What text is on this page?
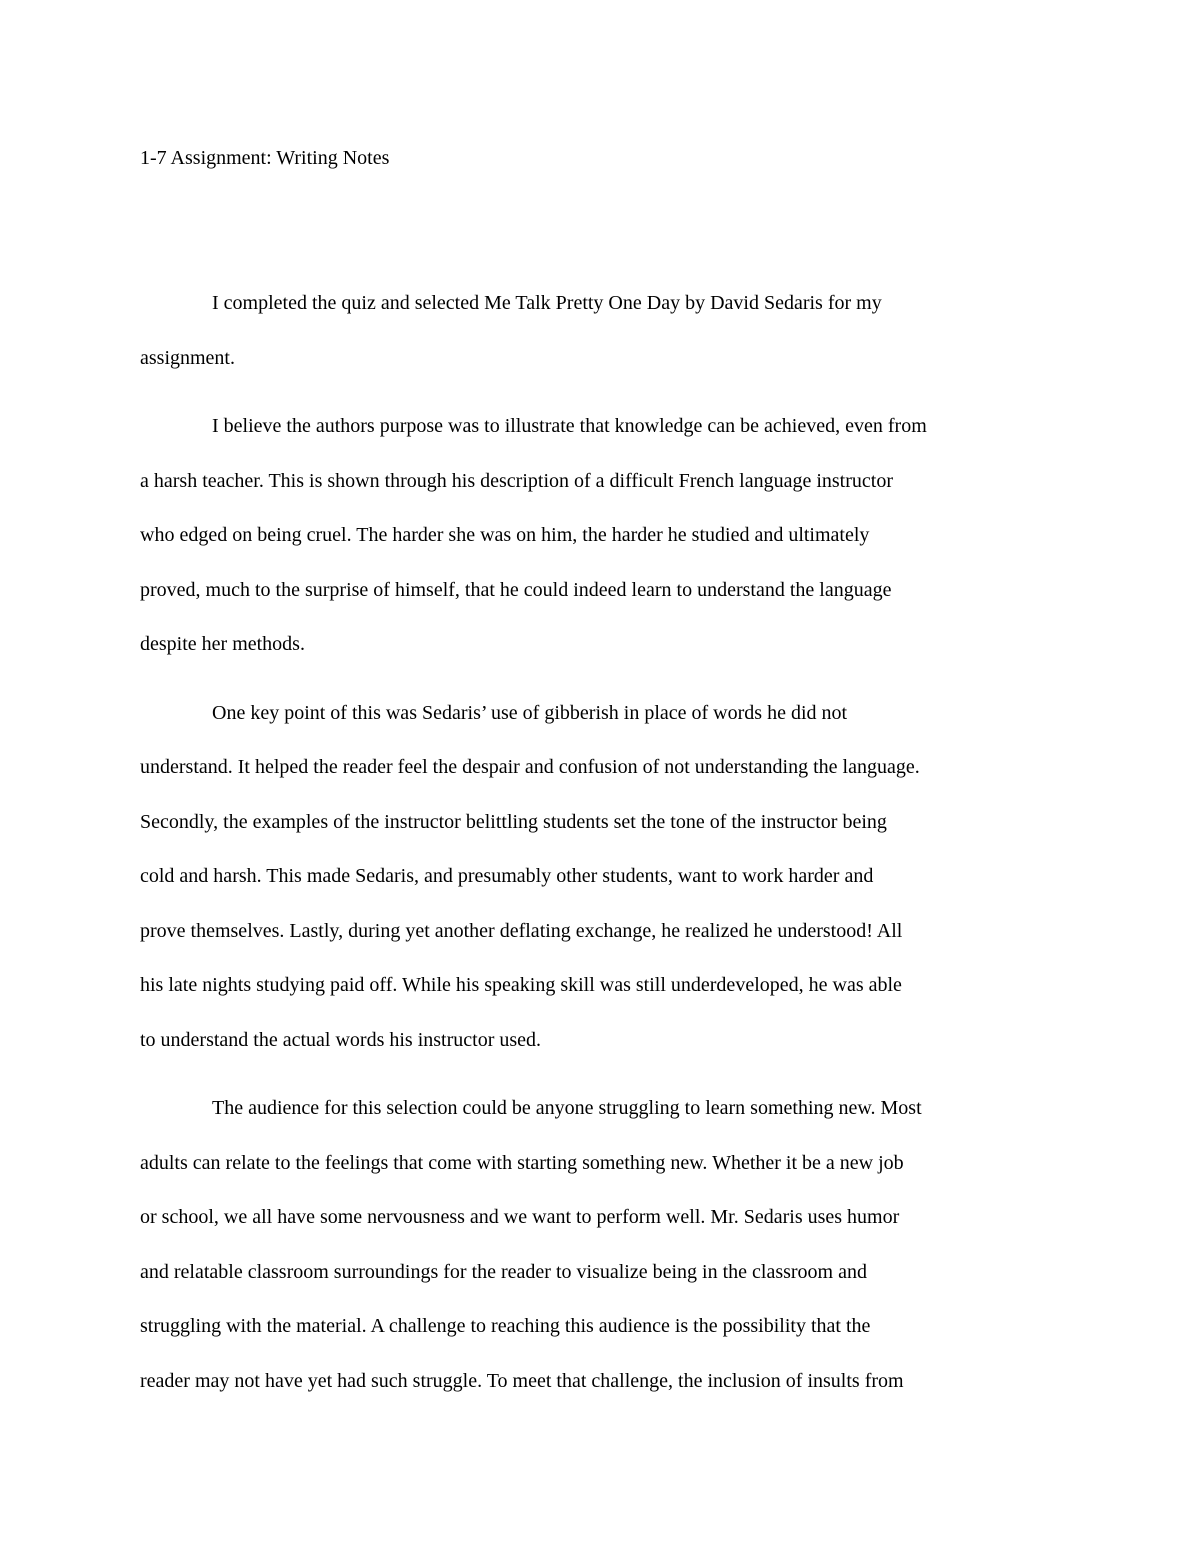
1-7 Assignment: Writing Notes

I completed the quiz and selected Me Talk Pretty One Day by David Sedaris for my
assignment.

I believe the authors purpose was to illustrate that knowledge can be achieved, even from
a harsh teacher. This is shown through his description of a difficult French language instructor
who edged on being cruel. The harder she was on him, the harder he studied and ultimately
proved, much to the surprise of himself, that he could indeed learn to understand the language
despite her methods.

One key point of this was Sedaris’ use of gibberish in place of words he did not
understand. It helped the reader feel the despair and confusion of not understanding the language.
Secondly, the examples of the instructor belittling students set the tone of the instructor being
cold and harsh. This made Sedaris, and presumably other students, want to work harder and
prove themselves. Lastly, during yet another deflating exchange, he realized he understood! All
his late nights studying paid off. While his speaking skill was still underdeveloped, he was able
to understand the actual words his instructor used.

The audience for this selection could be anyone struggling to learn something new. Most
adults can relate to the feelings that come with starting something new. Whether it be a new job
or school, we all have some nervousness and we want to perform well. Mr. Sedaris uses humor
and relatable classroom surroundings for the reader to visualize being in the classroom and
struggling with the material. A challenge to reaching this audience is the possibility that the
reader may not have yet had such struggle. To meet that challenge, the inclusion of insults from
